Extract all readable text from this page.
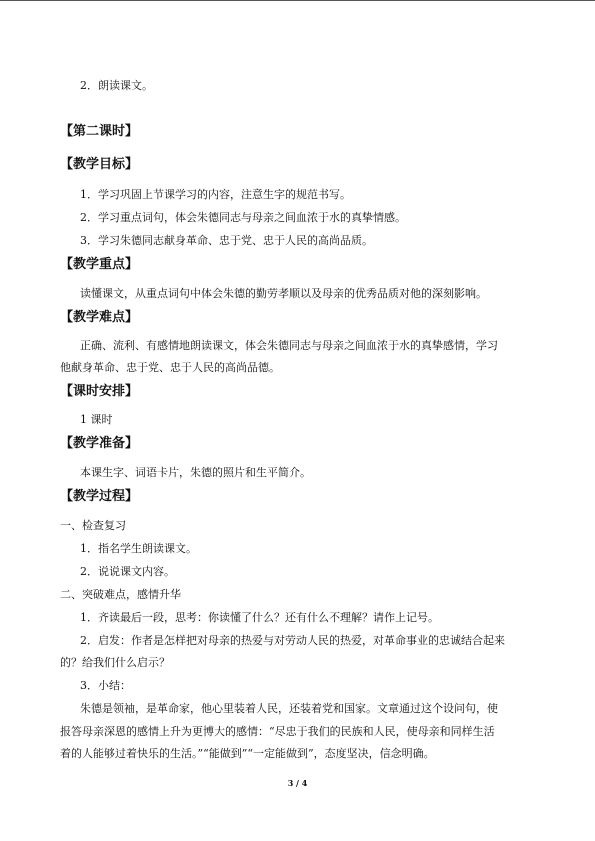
2．朗读课文。
【第二课时】
【教学目标】
1．学习巩固上节课学习的内容，注意生字的规范书写。
2．学习重点词句，体会朱德同志与母亲之间血浓于水的真挚情感。
3．学习朱德同志献身革命、忠于党、忠于人民的高尚品质。
【教学重点】
读懂课文，从重点词句中体会朱德的勤劳孝顺以及母亲的优秀品质对他的深刻影响。
【教学难点】
正确、流利、有感情地朗读课文，体会朱德同志与母亲之间血浓于水的真挚感情，学习
他献身革命、忠于党、忠于人民的高尚品德。
【课时安排】
1 课时
【教学准备】
本课生字、词语卡片，朱德的照片和生平简介。
【教学过程】
一、检查复习
1．指名学生朗读课文。
2．说说课文内容。
二、突破难点，感情升华
1．齐读最后一段，思考：你读懂了什么？还有什么不理解？请作上记号。
2．启发：作者是怎样把对母亲的热爱与对劳动人民的热爱，对革命事业的忠诚结合起来
的？给我们什么启示？
3．小结：
朱德是领袖，是革命家，他心里装着人民，还装着党和国家。文章通过这个设问句，使
报答母亲深恩的感情上升为更博大的感情：“尽忠于我们的民族和人民，使母亲和同样生活
着的人能够过着快乐的生活。”“能做到”“一定能做到”，态度坚决，信念明确。
3 / 4
